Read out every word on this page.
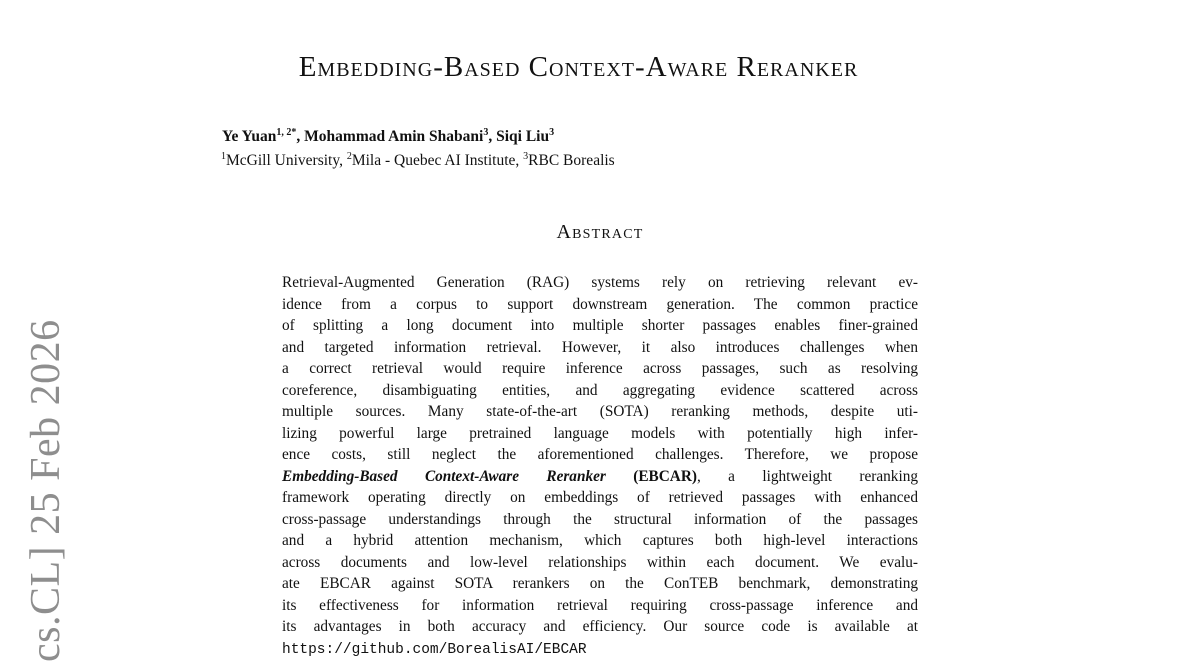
cs.CL] 25 Feb 2026
Embedding-Based Context-Aware Reranker
Ye Yuan$^{1, 2*}$, Mohammad Amin Shabani$^3$, Siqi Liu$^3$
$^1$McGill University, $^2$Mila - Quebec AI Institute, $^3$RBC Borealis
Abstract
Retrieval-Augmented Generation (RAG) systems rely on retrieving relevant ev-
idence from a corpus to support downstream generation. The common practice
of splitting a long document into multiple shorter passages enables finer-grained
and targeted information retrieval. However, it also introduces challenges when
a correct retrieval would require inference across passages, such as resolving
coreference, disambiguating entities, and aggregating evidence scattered across
multiple sources. Many state-of-the-art (SOTA) reranking methods, despite uti-
lizing powerful large pretrained language models with potentially high infer-
ence costs, still neglect the aforementioned challenges. Therefore, we propose
Embedding-Based Context-Aware Reranker (EBCAR), a lightweight reranking
framework operating directly on embeddings of retrieved passages with enhanced
cross-passage understandings through the structural information of the passages
and a hybrid attention mechanism, which captures both high-level interactions
across documents and low-level relationships within each document. We evalu-
ate EBCAR against SOTA rerankers on the ConTEB benchmark, demonstrating
its effectiveness for information retrieval requiring cross-passage inference and
its advantages in both accuracy and efficiency. Our source code is available at
https://github.com/BorealisAI/EBCAR
